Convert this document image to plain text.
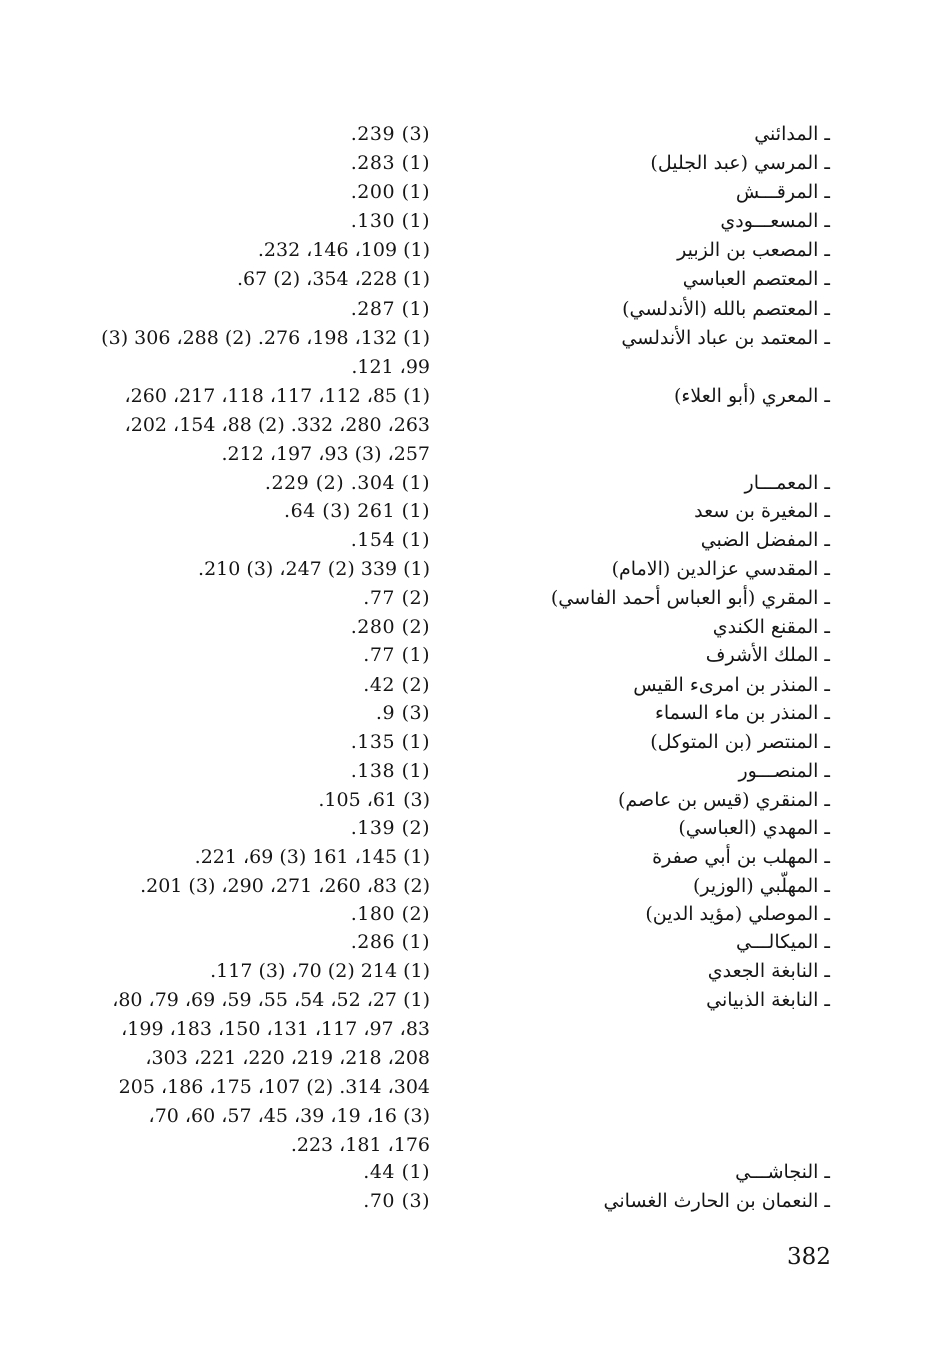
ـ المدائني
(3) 239.
ـ المرسي (عبد الجليل)
(1) 283.
ـ المرقـــش
(1) 200.
ـ المسعـــودي
(1) 130.
ـ المصعب بن الزبير
(1) 109، 146، 232.
ـ المعتصم العباسي
(1) 228، 354، (2) 67.
ـ المعتصم بالله (الأندلسي)
(1) 287.
ـ المعتمد بن عباد الأندلسي
(1) 132، 198، 276. (2) 288، 306 (3)
99، 121.
ـ المعري (أبو العلاء)
(1) 85، 112، 117، 118، 217، 260،
263، 280، 332. (2) 88، 154، 202،
257، (3) 93، 197، 212.
ـ المعمـــار
(1) 304. (2) 229.
ـ المغيرة بن سعد
(1) 261 (3) 64.
ـ المفضل الضبي
(1) 154.
ـ المقدسي عزالدين (الامام)
(1) 339 (2) 247، (3) 210.
ـ المقري (أبو العباس أحمد الفاسي)
(2) 77.
ـ المقنع الكندي
(2) 280.
ـ الملك الأشرف
(1) 77.
ـ المنذر بن امرىء القيس
(2) 42.
ـ المنذر بن ماء السماء
(3) 9.
ـ المنتصر (بن المتوكل)
(1) 135.
ـ المنصـــور
(1) 138.
ـ المنقري (قيس بن عاصم)
(3) 61، 105.
ـ المهدي (العباسي)
(2) 139.
ـ المهلب بن أبي صفرة
(1) 145، 161 (3) 69، 221.
ـ المهلّبي (الوزير)
(2) 83، 260، 271، 290، (3) 201.
ـ الموصلي (مؤيد الدين)
(2) 180.
ـ الميكالـــي
(1) 286.
ـ النابغة الجعدي
(1) 214 (2) 70، (3) 117.
ـ النابغة الذبياني
(1) 27، 52، 54، 55، 59، 69، 79، 80،
83، 97، 117، 131، 150، 183، 199،
208، 218، 219، 220، 221، 303،
304، 314. (2) 107، 175، 186، 205
(3) 16، 19، 39، 45، 57، 60، 70،
176، 181، 223.
ـ النجاشـــي
(1) 44.
ـ النعمان بن الحارث الغساني
(3) 70.
382
